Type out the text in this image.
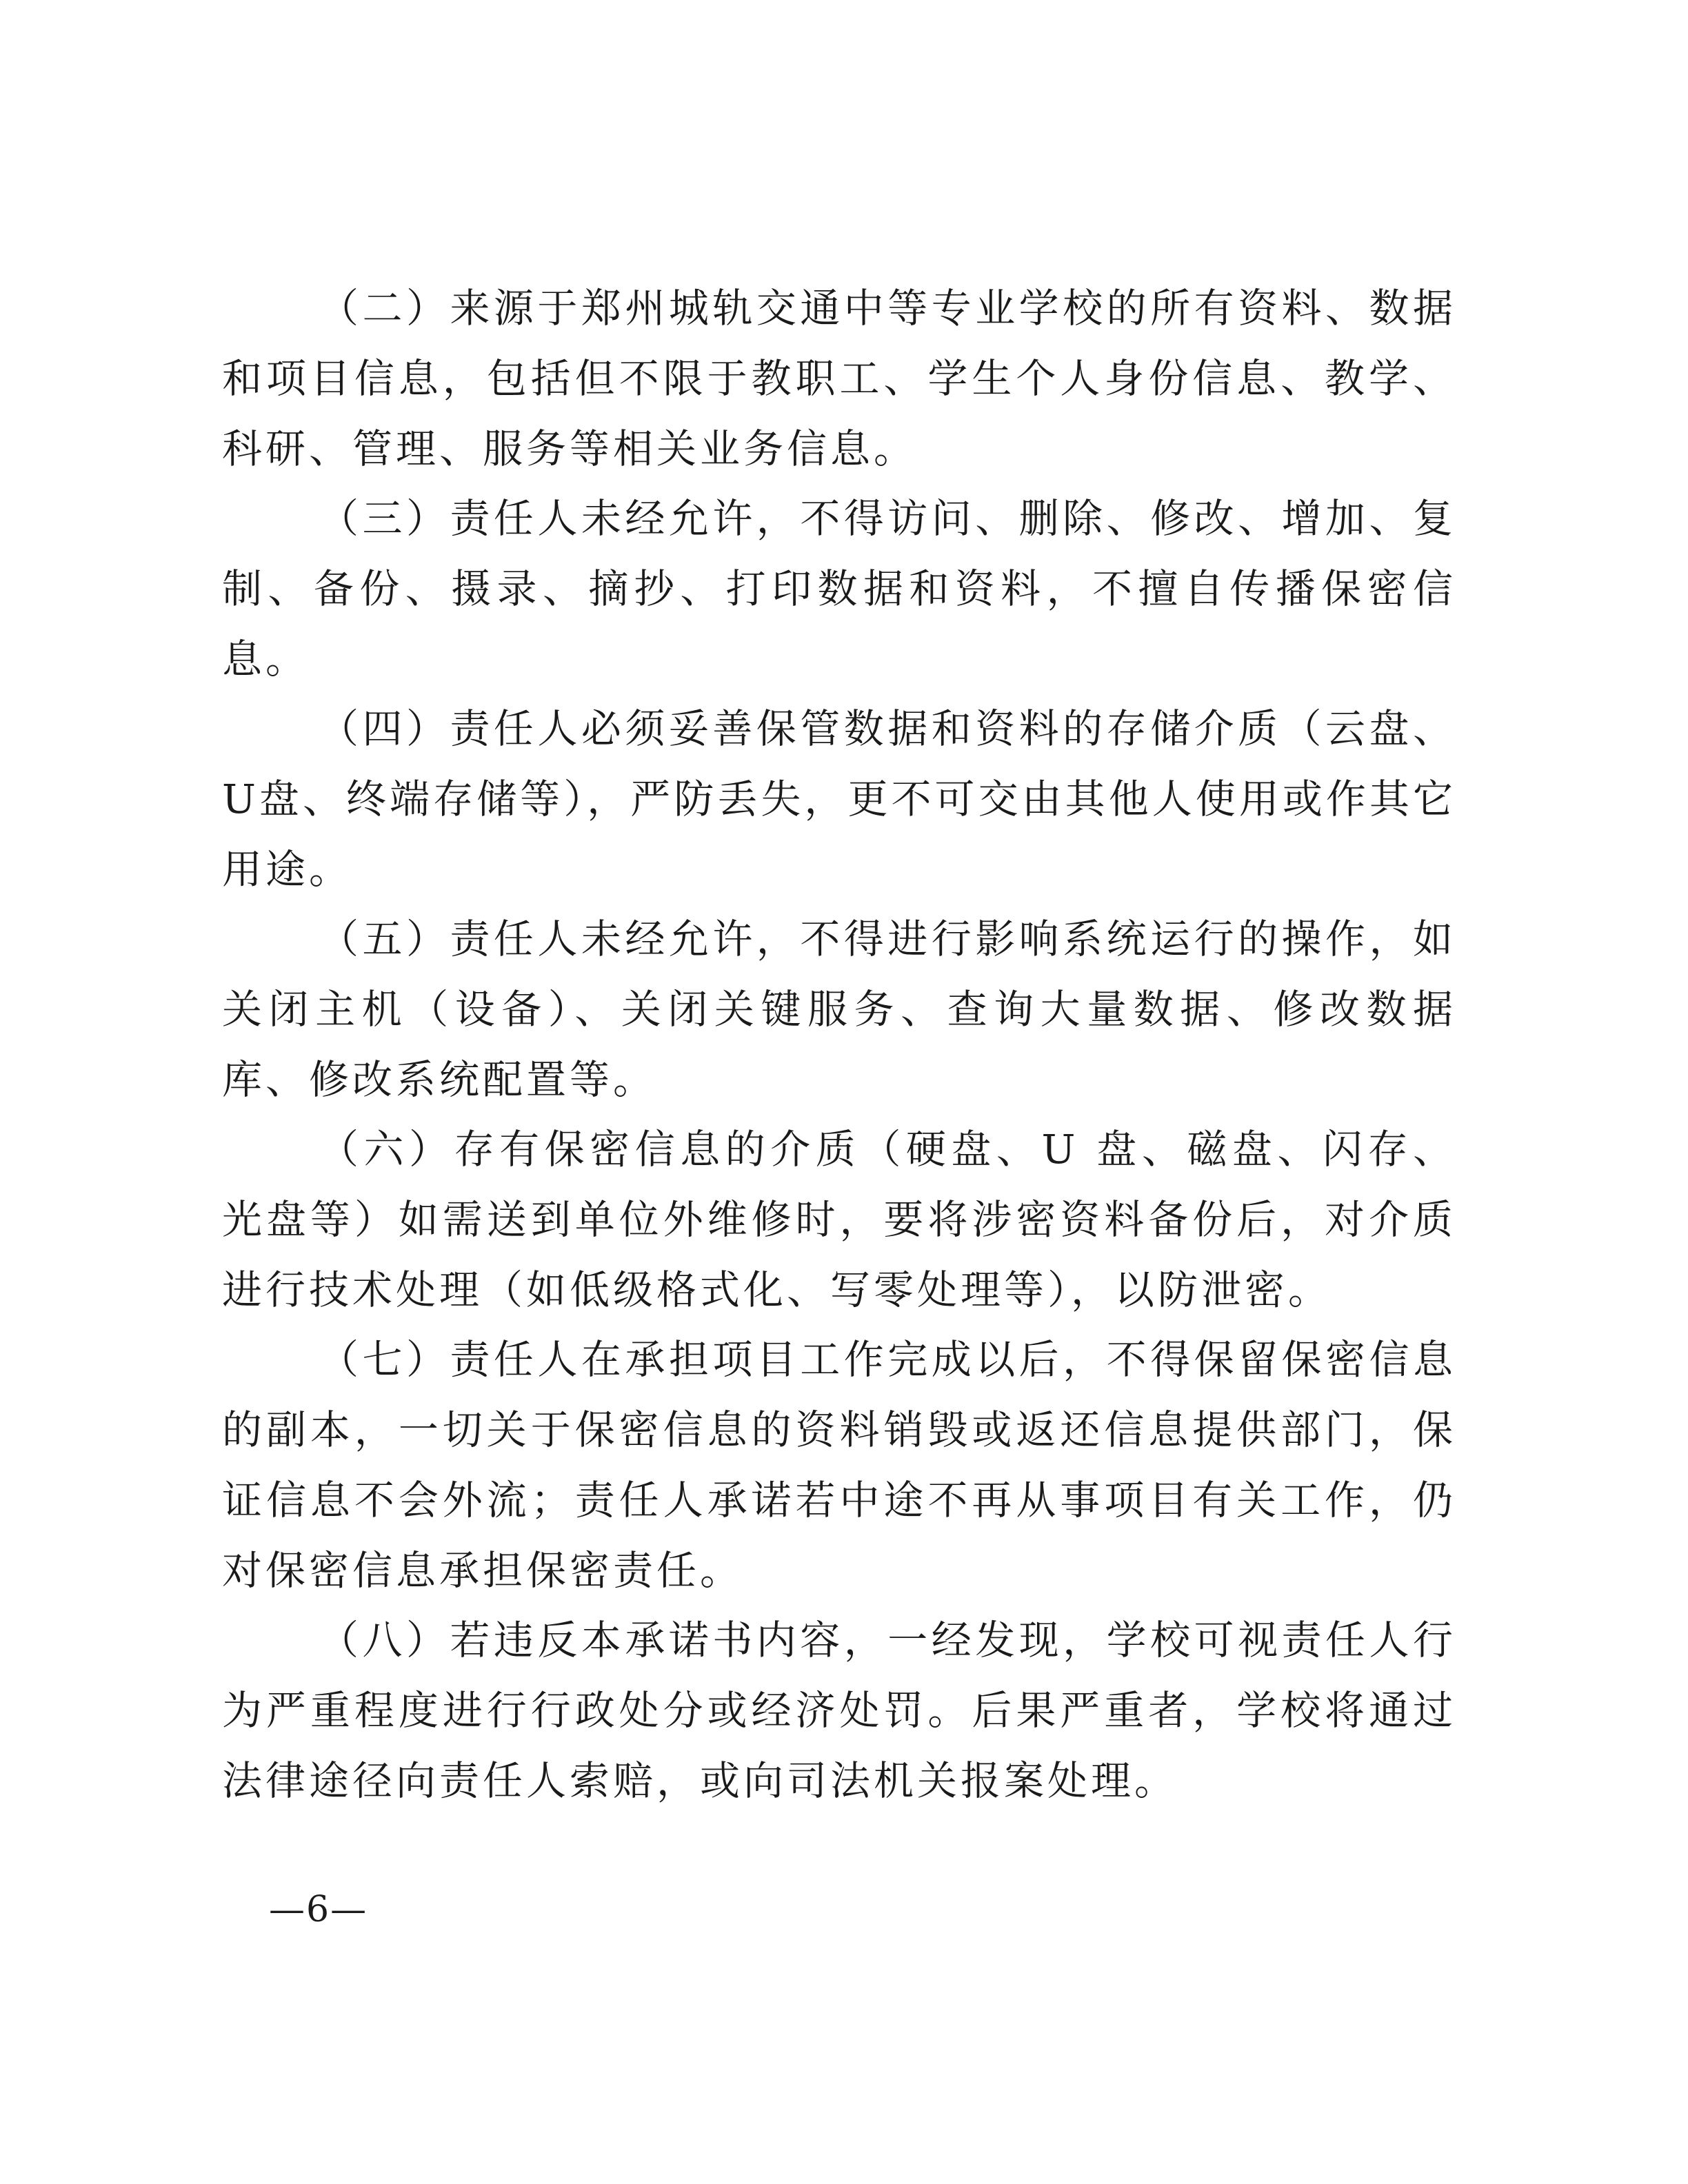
（二）来源于郑州城轨交通中等专业学校的所有资料、数据和项目信息，包括但不限于教职工、学生个人身份信息、教学、科研、管理、服务等相关业务信息。

（三）责任人未经允许，不得访问、删除、修改、增加、复制、备份、摄录、摘抄、打印数据和资料，不擅自传播保密信息。

（四）责任人必须妥善保管数据和资料的存储介质（云盘、U盘、终端存储等），严防丢失，更不可交由其他人使用或作其它用途。

（五）责任人未经允许，不得进行影响系统运行的操作，如关闭主机（设备）、关闭关键服务、查询大量数据、修改数据库、修改系统配置等。

（六）存有保密信息的介质（硬盘、U 盘、磁盘、闪存、光盘等）如需送到单位外维修时，要将涉密资料备份后，对介质进行技术处理（如低级格式化、写零处理等），以防泄密。

（七）责任人在承担项目工作完成以后，不得保留保密信息的副本，一切关于保密信息的资料销毁或返还信息提供部门，保证信息不会外流；责任人承诺若中途不再从事项目有关工作，仍对保密信息承担保密责任。

（八）若违反本承诺书内容，一经发现，学校可视责任人行为严重程度进行行政处分或经济处罚。后果严重者，学校将通过法律途径向责任人索赔，或向司法机关报案处理。

—6—
